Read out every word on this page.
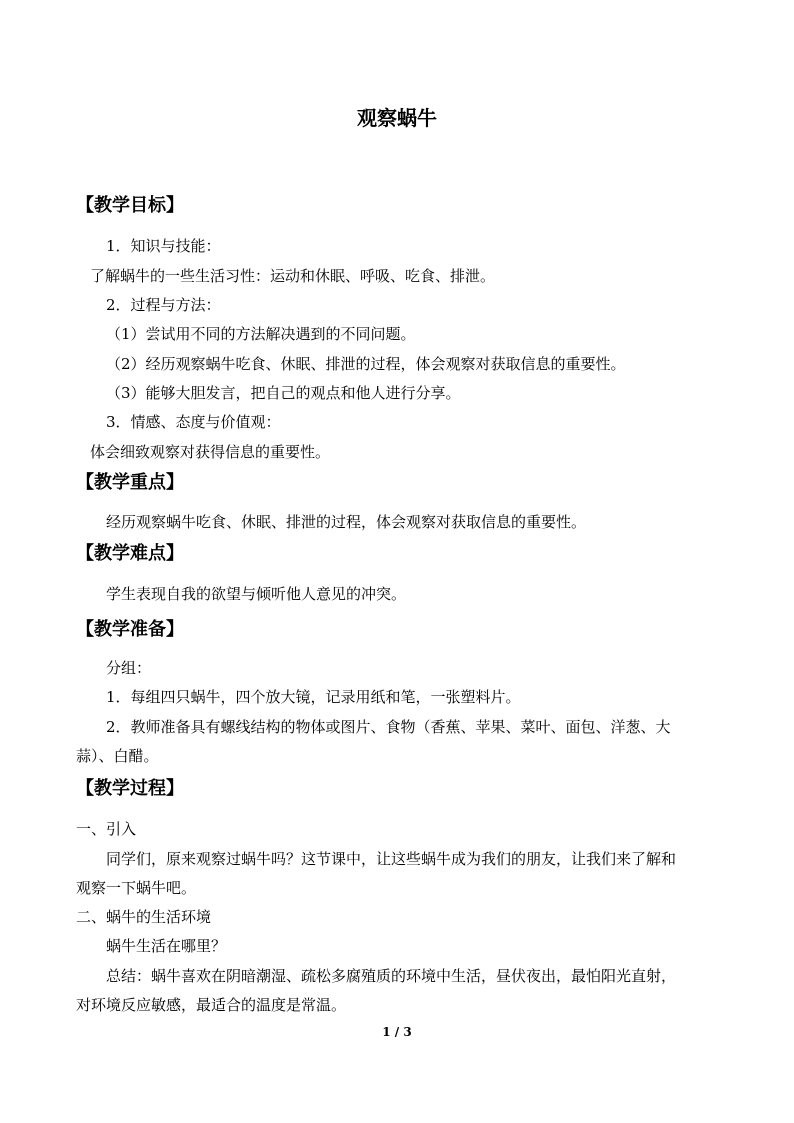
观察蜗牛
【教学目标】
1．知识与技能：
了解蜗牛的一些生活习性：运动和休眠、呼吸、吃食、排泄。
2．过程与方法：
（1）尝试用不同的方法解决遇到的不同问题。
（2）经历观察蜗牛吃食、休眠、排泄的过程，体会观察对获取信息的重要性。
（3）能够大胆发言，把自己的观点和他人进行分享。
3．情感、态度与价值观：
体会细致观察对获得信息的重要性。
【教学重点】
经历观察蜗牛吃食、休眠、排泄的过程，体会观察对获取信息的重要性。
【教学难点】
学生表现自我的欲望与倾听他人意见的冲突。
【教学准备】
分组：
1．每组四只蜗牛，四个放大镜，记录用纸和笔，一张塑料片。
2．教师准备具有螺线结构的物体或图片、食物（香蕉、苹果、菜叶、面包、洋葱、大
蒜）、白醋。
【教学过程】
一、引入
同学们，原来观察过蜗牛吗？这节课中，让这些蜗牛成为我们的朋友，让我们来了解和
观察一下蜗牛吧。
二、蜗牛的生活环境
蜗牛生活在哪里？
总结：蜗牛喜欢在阴暗潮湿、疏松多腐殖质的环境中生活，昼伏夜出，最怕阳光直射，
对环境反应敏感，最适合的温度是常温。
1 / 3
